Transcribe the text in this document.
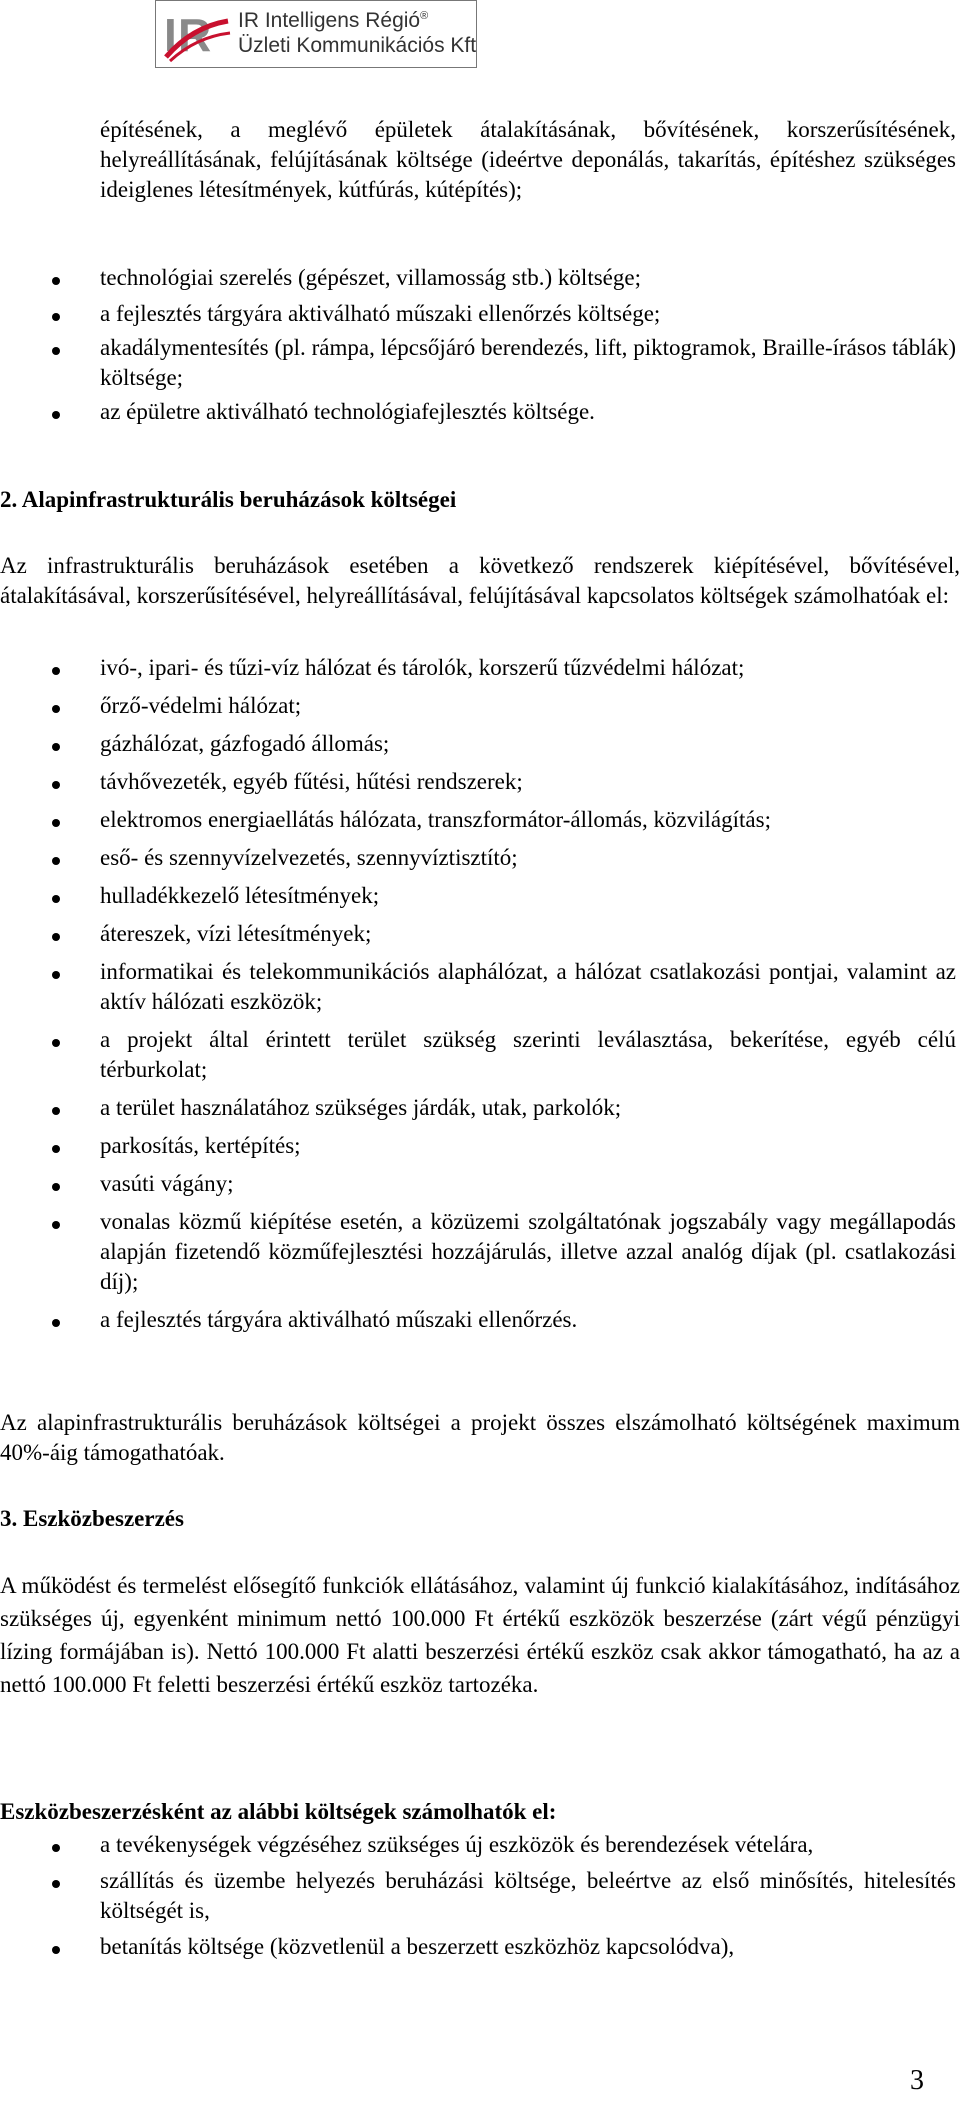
I R IR Intelligens Régió®
Üzleti Kommunikációs Kft

építésének, a meglévő épületek átalakításának, bővítésének, korszerűsítésének, helyreállításának, felújításának költsége (ideértve deponálás, takarítás, építéshez szükséges ideiglenes létesítmények, kútfúrás, kútépítés);

technológiai szerelés (gépészet, villamosság stb.) költsége;
a fejlesztés tárgyára aktiválható műszaki ellenőrzés költsége;
akadálymentesítés (pl. rámpa, lépcsőjáró berendezés, lift, piktogramok, Braille-írásos táblák) költsége;
az épületre aktiválható technológiafejlesztés költsége.

2. Alapinfrastrukturális beruházások költségei

Az infrastrukturális beruházások esetében a következő rendszerek kiépítésével, bővítésével, átalakításával, korszerűsítésével, helyreállításával, felújításával kapcsolatos költségek számolhatóak el:

ivó-, ipari- és tűzi-víz hálózat és tárolók, korszerű tűzvédelmi hálózat;
őrző-védelmi hálózat;
gázhálózat, gázfogadó állomás;
távhővezeték, egyéb fűtési, hűtési rendszerek;
elektromos energiaellátás hálózata, transzformátor-állomás, közvilágítás;
eső- és szennyvízelvezetés, szennyvíztisztító;
hulladékkezelő létesítmények;
átereszek, vízi létesítmények;
informatikai és telekommunikációs alaphálózat, a hálózat csatlakozási pontjai, valamint az aktív hálózati eszközök;
a projekt által érintett terület szükség szerinti leválasztása, bekerítése, egyéb célú térburkolat;
a terület használatához szükséges járdák, utak, parkolók;
parkosítás, kertépítés;
vasúti vágány;
vonalas közmű kiépítése esetén, a közüzemi szolgáltatónak jogszabály vagy megállapodás alapján fizetendő közműfejlesztési hozzájárulás, illetve azzal analóg díjak (pl. csatlakozási díj);
a fejlesztés tárgyára aktiválható műszaki ellenőrzés.

Az alapinfrastrukturális beruházások költségei a projekt összes elszámolható költségének maximum 40%-áig támogathatóak.

3. Eszközbeszerzés

A működést és termelést elősegítő funkciók ellátásához, valamint új funkció kialakításához, indításához szükséges új, egyenként minimum nettó 100.000 Ft értékű eszközök beszerzése (zárt végű pénzügyi lízing formájában is). Nettó 100.000 Ft alatti beszerzési értékű eszköz csak akkor támogatható, ha az a nettó 100.000 Ft feletti beszerzési értékű eszköz tartozéka.

Eszközbeszerzésként az alábbi költségek számolhatók el:

a tevékenységek végzéséhez szükséges új eszközök és berendezések vételára,
szállítás és üzembe helyezés beruházási költsége, beleértve az első minősítés, hitelesítés költségét is,
betanítás költsége (közvetlenül a beszerzett eszközhöz kapcsolódva),
3
